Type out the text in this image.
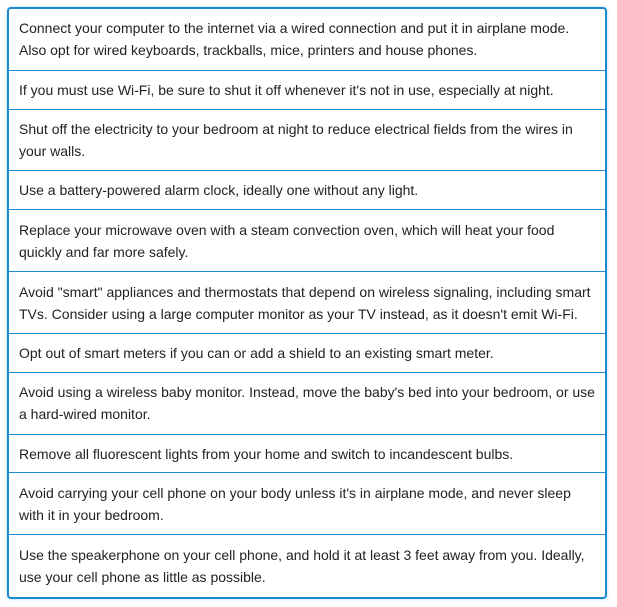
Connect your computer to the internet via a wired connection and put it in airplane mode. Also opt for wired keyboards, trackballs, mice, printers and house phones.
If you must use Wi-Fi, be sure to shut it off whenever it's not in use, especially at night.
Shut off the electricity to your bedroom at night to reduce electrical fields from the wires in your walls.
Use a battery-powered alarm clock, ideally one without any light.
Replace your microwave oven with a steam convection oven, which will heat your food quickly and far more safely.
Avoid "smart" appliances and thermostats that depend on wireless signaling, including smart TVs. Consider using a large computer monitor as your TV instead, as it doesn't emit Wi-Fi.
Opt out of smart meters if you can or add a shield to an existing smart meter.
Avoid using a wireless baby monitor. Instead, move the baby's bed into your bedroom, or use a hard-wired monitor.
Remove all fluorescent lights from your home and switch to incandescent bulbs.
Avoid carrying your cell phone on your body unless it's in airplane mode, and never sleep with it in your bedroom.
Use the speakerphone on your cell phone, and hold it at least 3 feet away from you. Ideally, use your cell phone as little as possible.
